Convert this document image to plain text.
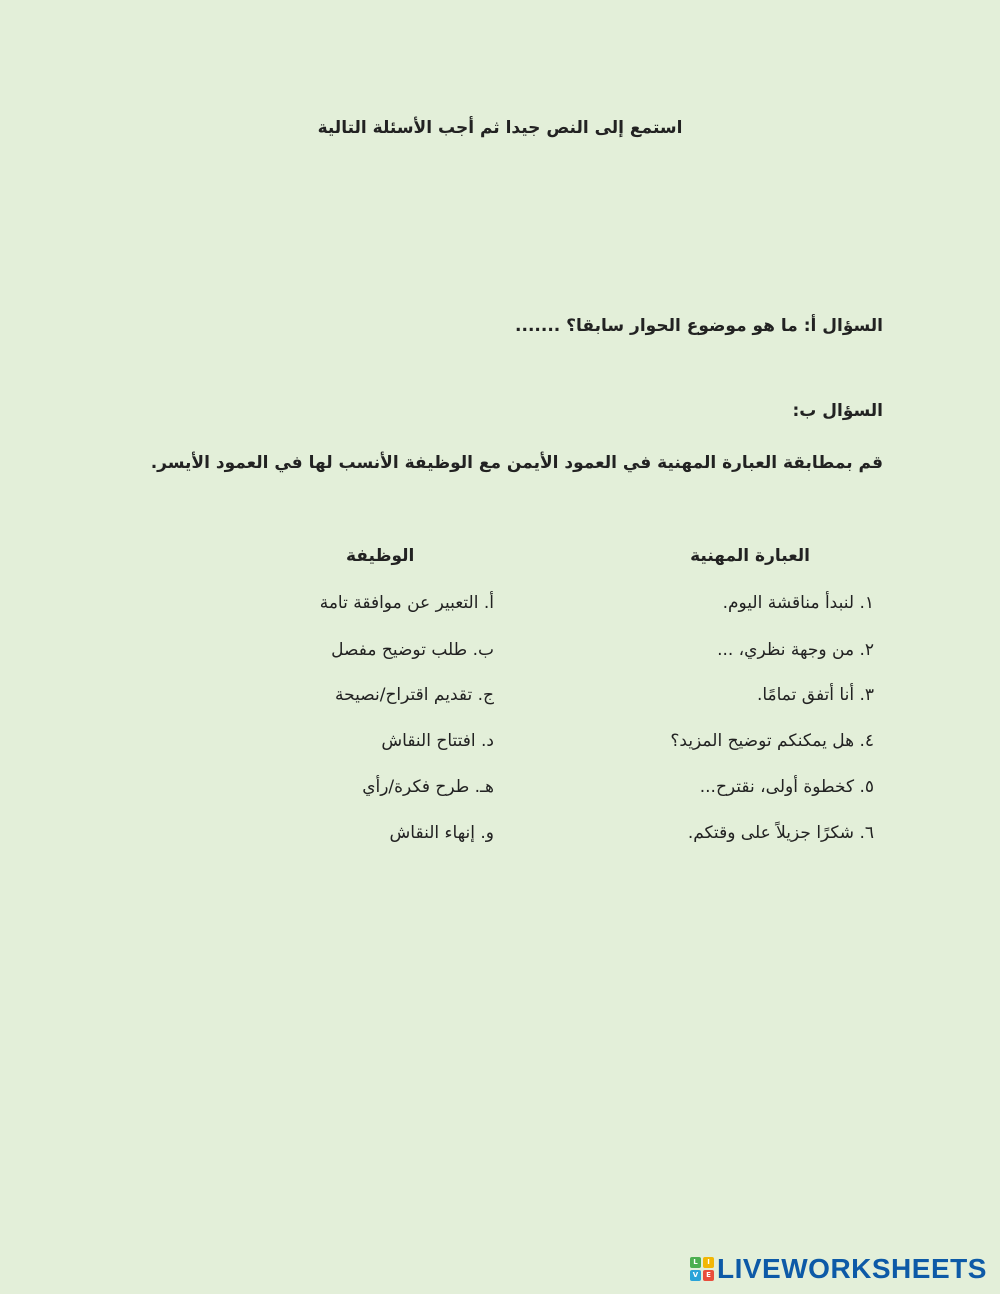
استمع إلى النص جيدا ثم أجب الأسئلة التالية
السؤال أ: ما هو موضوع الحوار سابقا؟ .......
السؤال ب:
قم بمطابقة العبارة المهنية في العمود الأيمن مع الوظيفة الأنسب لها في العمود الأيسر.
العبارة المهنية
الوظيفة
١. لنبدأ مناقشة اليوم.
٢. من وجهة نظري، ...
٣. أنا أتفق تمامًا.
٤. هل يمكنكم توضيح المزيد؟
٥. كخطوة أولى، نقترح...
٦. شكرًا جزيلاً على وقتكم.
أ. التعبير عن موافقة تامة
ب. طلب توضيح مفصل
ج. تقديم اقتراح/نصيحة
د. افتتاح النقاش
هـ. طرح فكرة/رأي
و. إنهاء النقاش
L	I
V	E LIVEWORKSHEETS
